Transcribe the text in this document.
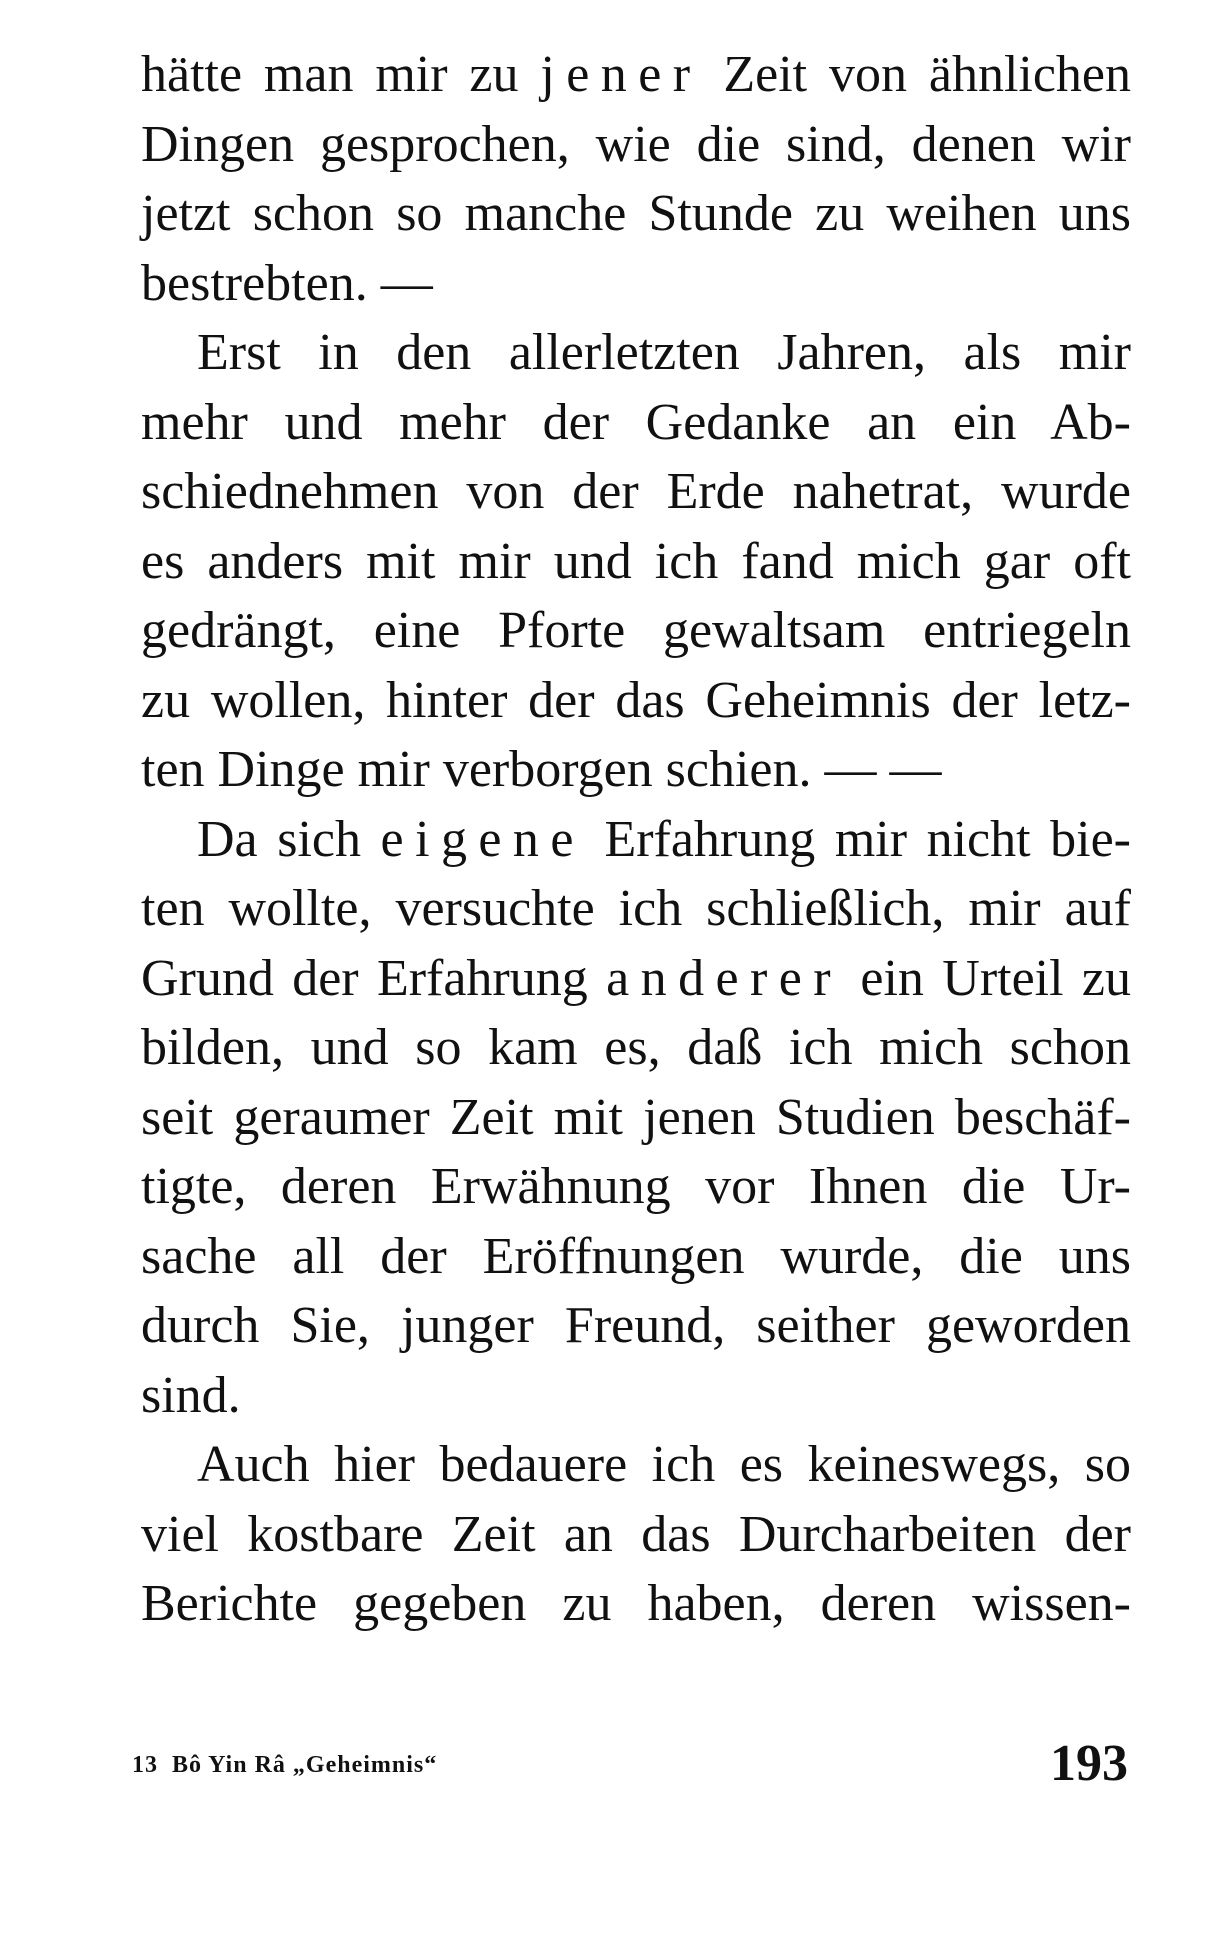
hätte man mir zu jener Zeit von ähnlichen
Dingen gesprochen, wie die sind, denen wir
jetzt schon so manche Stunde zu weihen uns
bestrebten. —
Erst in den allerletzten Jahren, als mir
mehr und mehr der Gedanke an ein Ab-
schiednehmen von der Erde nahetrat, wurde
es anders mit mir und ich fand mich gar oft
gedrängt, eine Pforte gewaltsam entriegeln
zu wollen, hinter der das Geheimnis der letz-
ten Dinge mir verborgen schien. — —
Da sich eigene Erfahrung mir nicht bie-
ten wollte, versuchte ich schließlich, mir auf
Grund der Erfahrung anderer ein Urteil zu
bilden, und so kam es, daß ich mich schon
seit geraumer Zeit mit jenen Studien beschäf-
tigte, deren Erwähnung vor Ihnen die Ur-
sache all der Eröffnungen wurde, die uns
durch Sie, junger Freund, seither geworden
sind.
Auch hier bedauere ich es keineswegs, so
viel kostbare Zeit an das Durcharbeiten der
Berichte gegeben zu haben, deren wissen-
13 Bô Yin Râ „Geheimnis“	193
